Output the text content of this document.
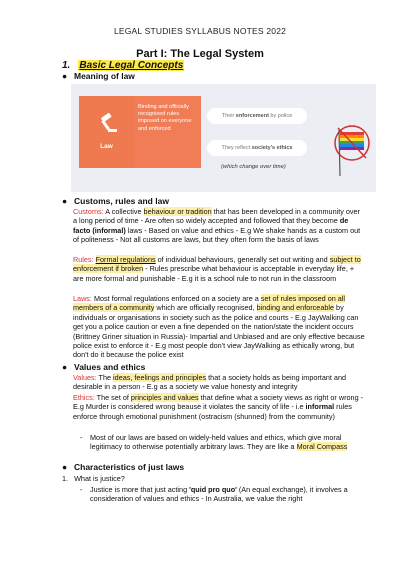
LEGAL STUDIES SYLLABUS NOTES 2022
Part I: The Legal System
1. Basic Legal Concepts
● Meaning of law
Law
Binding and officially recognised rules imposed on everyone and enforced
Their enforcement by police
They reflect society's ethics
(which change over time)
● Customs, rules and law
Customs: A collective behaviour or tradition that has been developed in a community over a long period of time - Are often so widely accepted and followed that they become de facto (informal) laws - Based on value and ethics - E.g We shake hands as a custom out of politeness - Not all customs are laws, but they often form the basis of laws
Rules: Formal regulations of individual behaviours, generally set out writing and subject to enforcement if broken - Rules prescribe what behaviour is acceptable in everyday life, + are more formal and punishable - E.g it is a school rule to not run in the classroom
Laws: Most formal regulations enforced on a society are a set of rules imposed on all members of a community which are officially recognised, binding and enforceable by individuals or organisations in society such as the police and courts - E.g JayWalking can get you a police caution or even a fine depended on the nation/state the incident occurs (Brittney Griner situation in Russia)- Impartial and Unbiased and are only effective because police exist to enforce it - E.g most people don't view JayWalking as ethically wrong, but don't do it because the police exist
● Values and ethics
Values: The ideas, feelings and principles that a society holds as being important and desirable in a person - E.g as a society we value honesty and integrity
Ethics: The set of principles and values that define what a society views as right or wrong - E.g Murder is considered wrong beause it violates the sancity of life - i.e informal rules enforce through emotional punishment (ostracism (shunned) from the community)
- Most of our laws are based on widely-held values and ethics, which give moral legitimacy to otherwise potentially arbitrary laws. They are like a Moral Compass
● Characteristics of just laws
1. What is justice?
- Justice is more that just acting 'quid pro quo' (An equal exchange), it involves a consideration of values and ethics - In Australia, we value the right
